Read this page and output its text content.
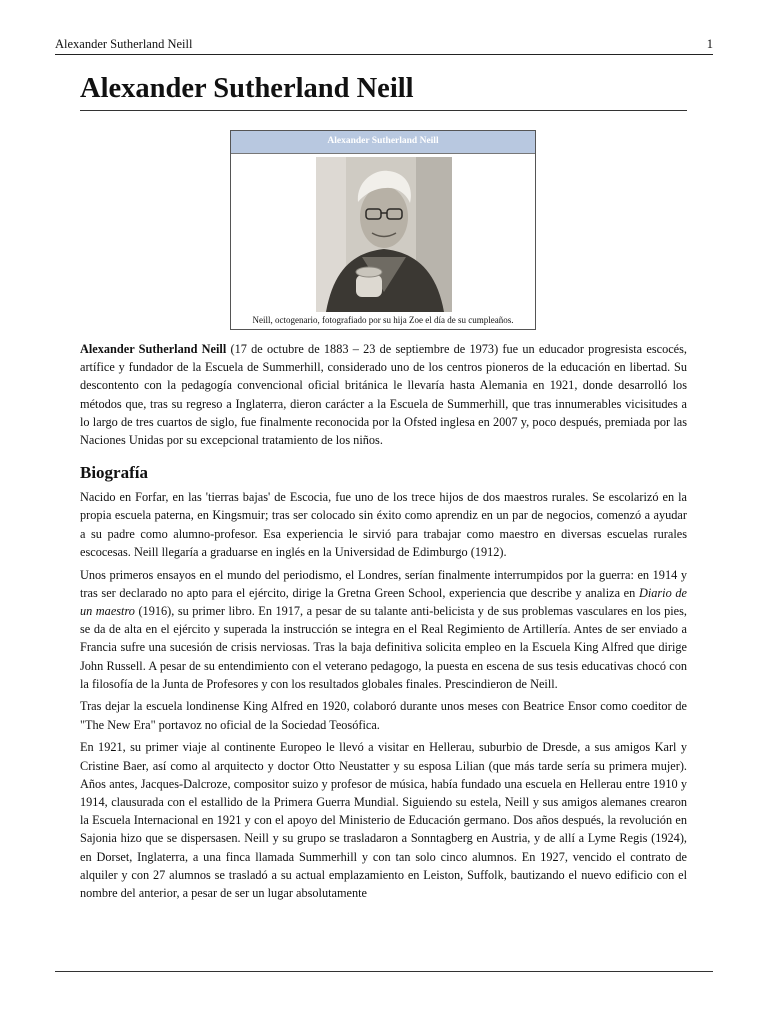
Alexander Sutherland Neill	1
Alexander Sutherland Neill
Alexander Sutherland Neill
Neill, octogenario, fotografiado por su hija Zoe el día de su cumpleaños.

Alexander Sutherland Neill (17 de octubre de 1883 – 23 de septiembre de 1973) fue un educador progresista escocés, artífice y fundador de la Escuela de Summerhill, considerado uno de los centros pioneros de la educación en libertad. Su descontento con la pedagogía convencional oficial británica le llevaría hasta Alemania en 1921, donde desarrolló los métodos que, tras su regreso a Inglaterra, dieron carácter a la Escuela de Summerhill, que tras innumerables vicisitudes a lo largo de tres cuartos de siglo, fue finalmente reconocida por la Ofsted inglesa en 2007 y, poco después, premiada por las Naciones Unidas por su excepcional tratamiento de los niños.

Biografía

Nacido en Forfar, en las 'tierras bajas' de Escocia, fue uno de los trece hijos de dos maestros rurales. Se escolarizó en la propia escuela paterna, en Kingsmuir; tras ser colocado sin éxito como aprendiz en un par de negocios, comenzó a ayudar a su padre como alumno-profesor. Esa experiencia le sirvió para trabajar como maestro en diversas escuelas rurales escocesas. Neill llegaría a graduarse en inglés en la Universidad de Edimburgo (1912).

Unos primeros ensayos en el mundo del periodismo, el Londres, serían finalmente interrumpidos por la guerra: en 1914 y tras ser declarado no apto para el ejército, dirige la Gretna Green School, experiencia que describe y analiza en Diario de un maestro (1916), su primer libro. En 1917, a pesar de su talante anti-belicista y de sus problemas vasculares en los pies, se da de alta en el ejército y superada la instrucción se integra en el Real Regimiento de Artillería. Antes de ser enviado a Francia sufre una sucesión de crisis nerviosas. Tras la baja definitiva solicita empleo en la Escuela King Alfred que dirige John Russell. A pesar de su entendimiento con el veterano pedagogo, la puesta en escena de sus tesis educativas chocó con la filosofía de la Junta de Profesores y con los resultados globales finales. Prescindieron de Neill.

Tras dejar la escuela londinense King Alfred en 1920, colaboró durante unos meses con Beatrice Ensor como coeditor de "The New Era" portavoz no oficial de la Sociedad Teosófica.

En 1921, su primer viaje al continente Europeo le llevó a visitar en Hellerau, suburbio de Dresde, a sus amigos Karl y Cristine Baer, así como al arquitecto y doctor Otto Neustatter y su esposa Lilian (que más tarde sería su primera mujer). Años antes, Jacques-Dalcroze, compositor suizo y profesor de música, había fundado una escuela en Hellerau entre 1910 y 1914, clausurada con el estallido de la Primera Guerra Mundial. Siguiendo su estela, Neill y sus amigos alemanes crearon la Escuela Internacional en 1921 y con el apoyo del Ministerio de Educación germano. Dos años después, la revolución en Sajonia hizo que se dispersasen. Neill y su grupo se trasladaron a Sonntagberg en Austria, y de allí a Lyme Regis (1924), en Dorset, Inglaterra, a una finca llamada Summerhill y con tan solo cinco alumnos. En 1927, vencido el contrato de alquiler y con 27 alumnos se trasladó a su actual emplazamiento en Leiston, Suffolk, bautizando el nuevo edificio con el nombre del anterior, a pesar de ser un lugar absolutamente
